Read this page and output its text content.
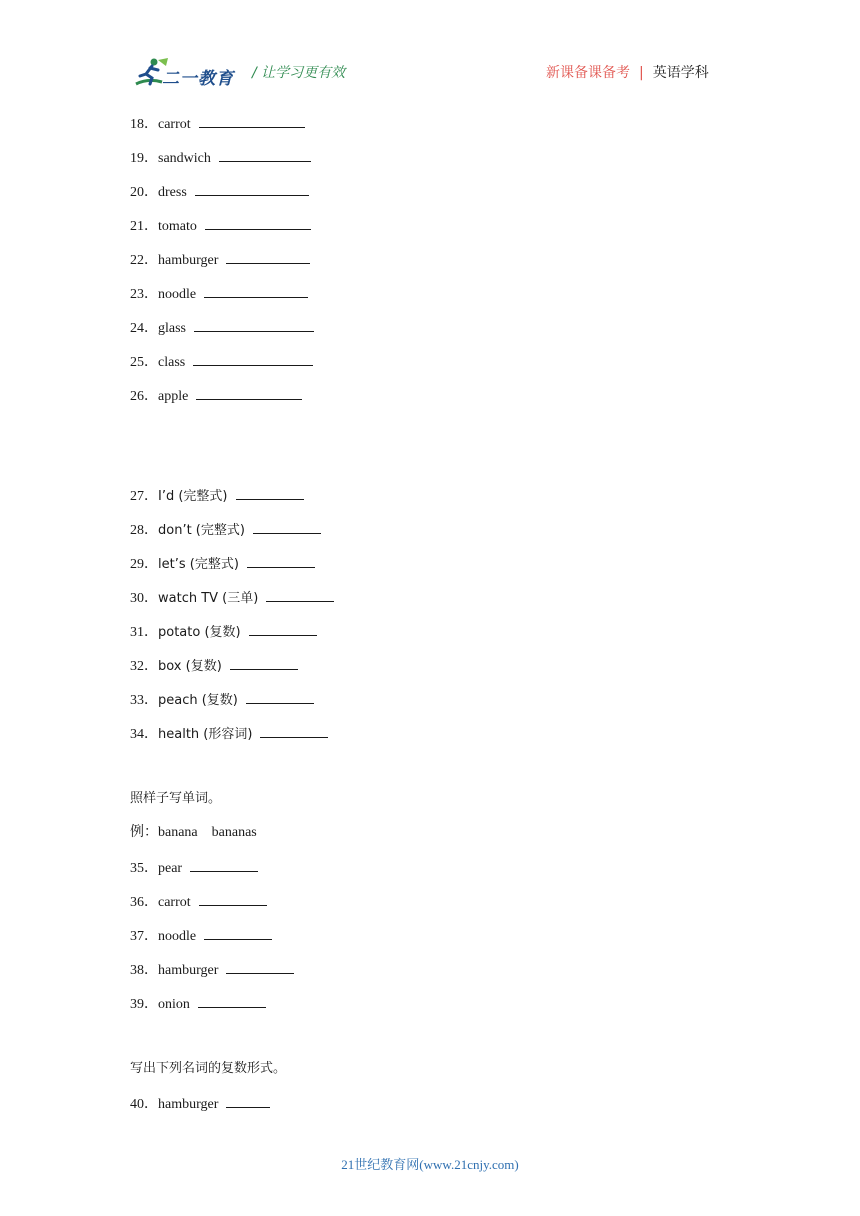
二一教育 / 让学习更有效	新课备课备考 | 英语学科
18．carrot
19．sandwich
20．dress
21．tomato
22．hamburger
23．noodle
24．glass
25．class
26．apple
27．I’d (完整式)
28．don’t (完整式)
29．let’s (完整式)
30．watch TV (三单)
31．potato (复数)
32．box (复数)
33．peach (复数)
34．health (形容词)
照样子写单词。
例：banana    bananas
35．pear
36．carrot
37．noodle
38．hamburger
39．onion
写出下列名词的复数形式。
40．hamburger
21世纪教育网(www.21cnjy.com)
